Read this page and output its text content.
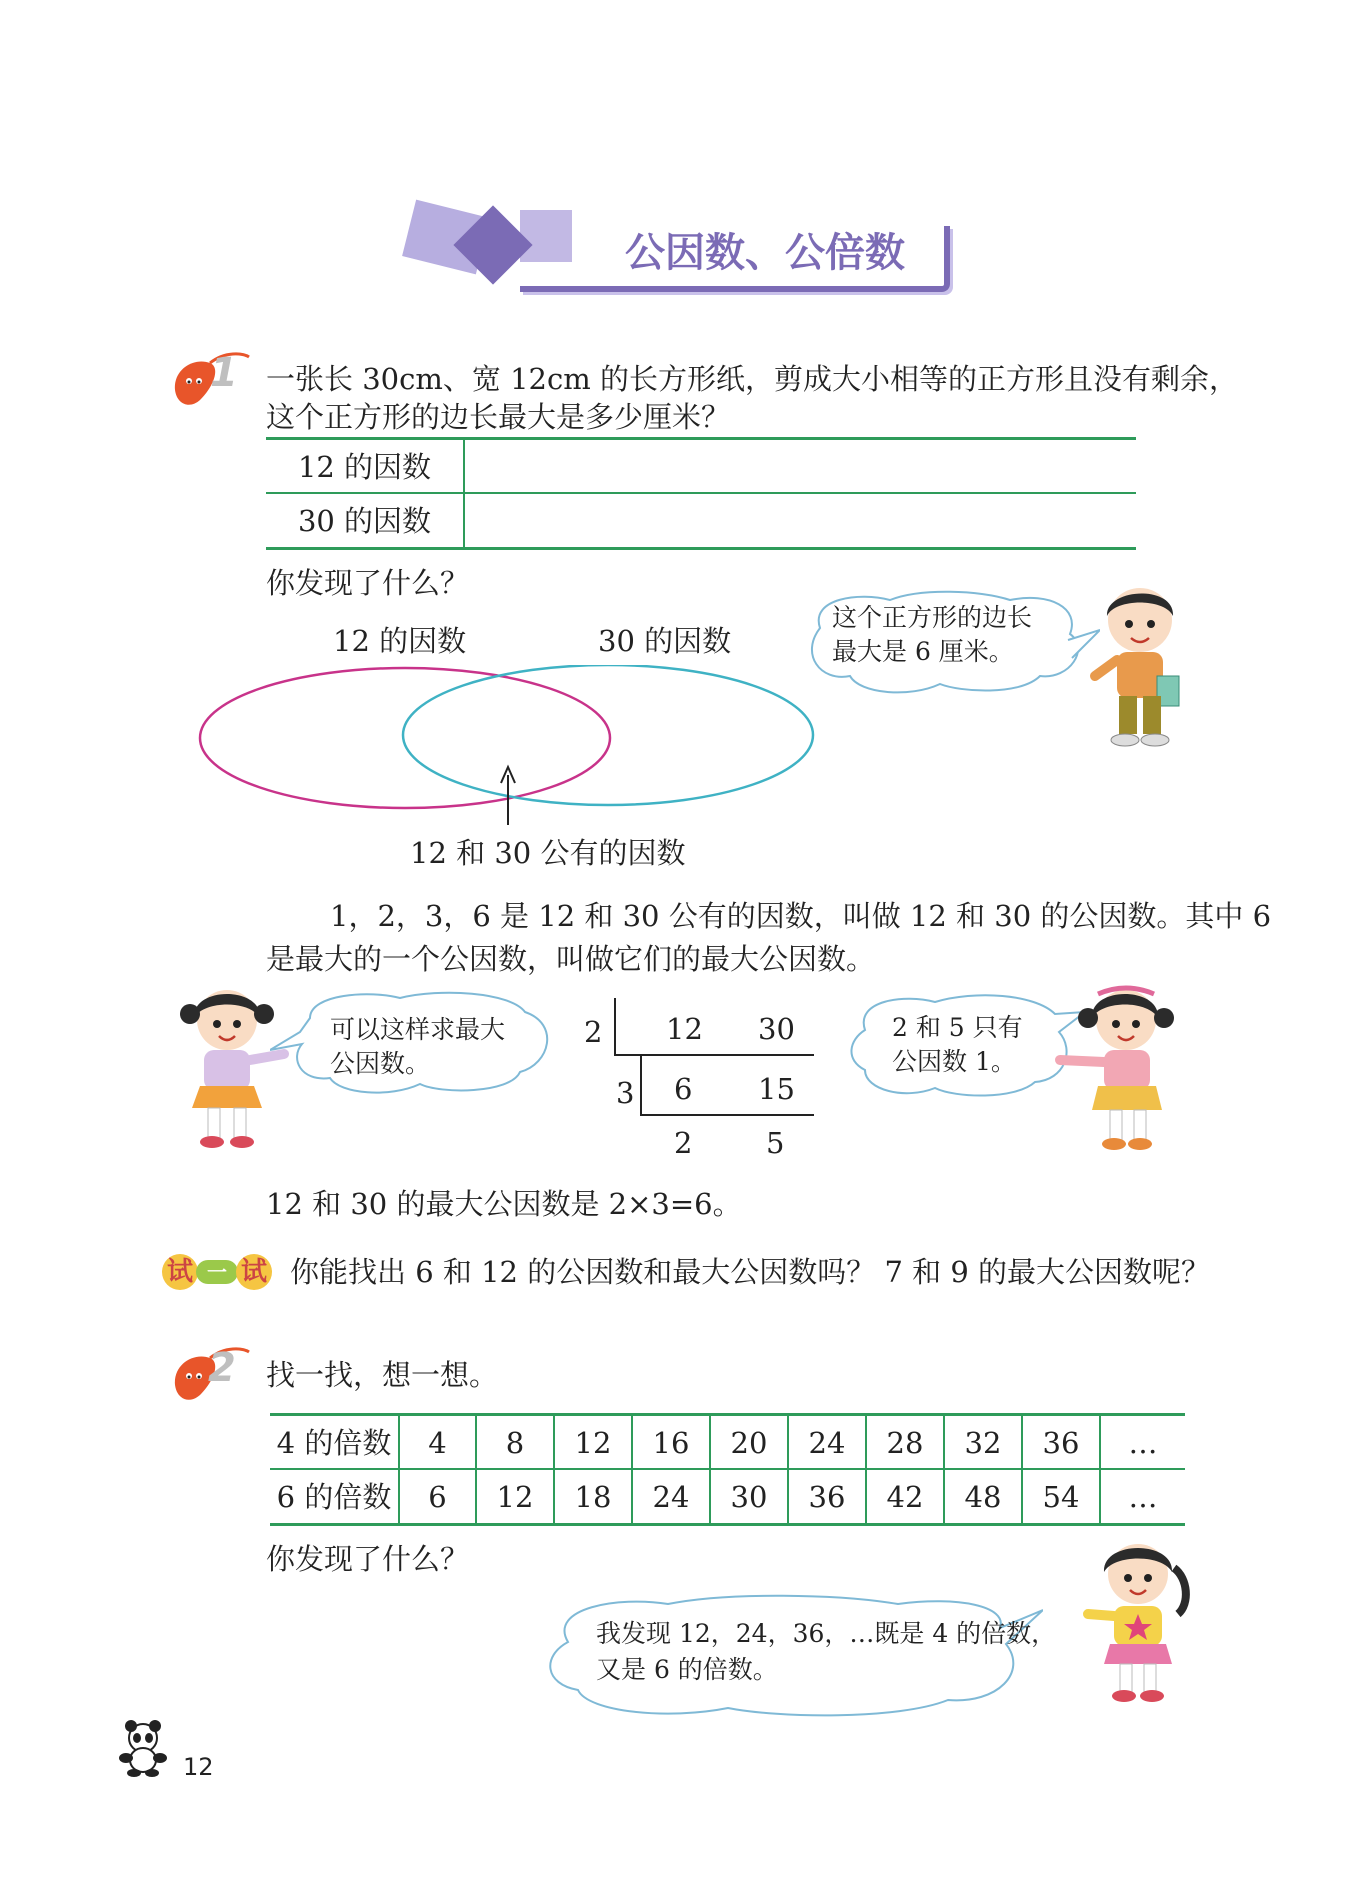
公因数、公倍数
1 一张长 30cm、宽 12cm 的长方形纸，剪成大小相等的正方形且没有剩余，
这个正方形的边长最大是多少厘米？
12 的因数
30 的因数
你发现了什么？
12 的因数	30 的因数
12 和 30 公有的因数
这个正方形的边长
最大是 6 厘米。
1，2，3，6 是 12 和 30 公有的因数，叫做 12 和 30 的公因数。其中 6
是最大的一个公因数，叫做它们的最大公因数。
可以这样求最大
公因数。
2 12 30
3 6 15
2	5
2 和 5 只有
公因数 1。
12 和 30 的最大公因数是 2×3=6。
试 一 试 你能找出 6 和 12 的公因数和最大公因数吗？ 7 和 9 的最大公因数呢？
2 找一找，想一想。
4 的倍数	4	8	12	16	20	24	28	32	36	…
6 的倍数	6	12	18	24	30	36	42	48	54	…
你发现了什么？
我发现 12，24，36，…既是 4 的倍数，
又是 6 的倍数。
12
